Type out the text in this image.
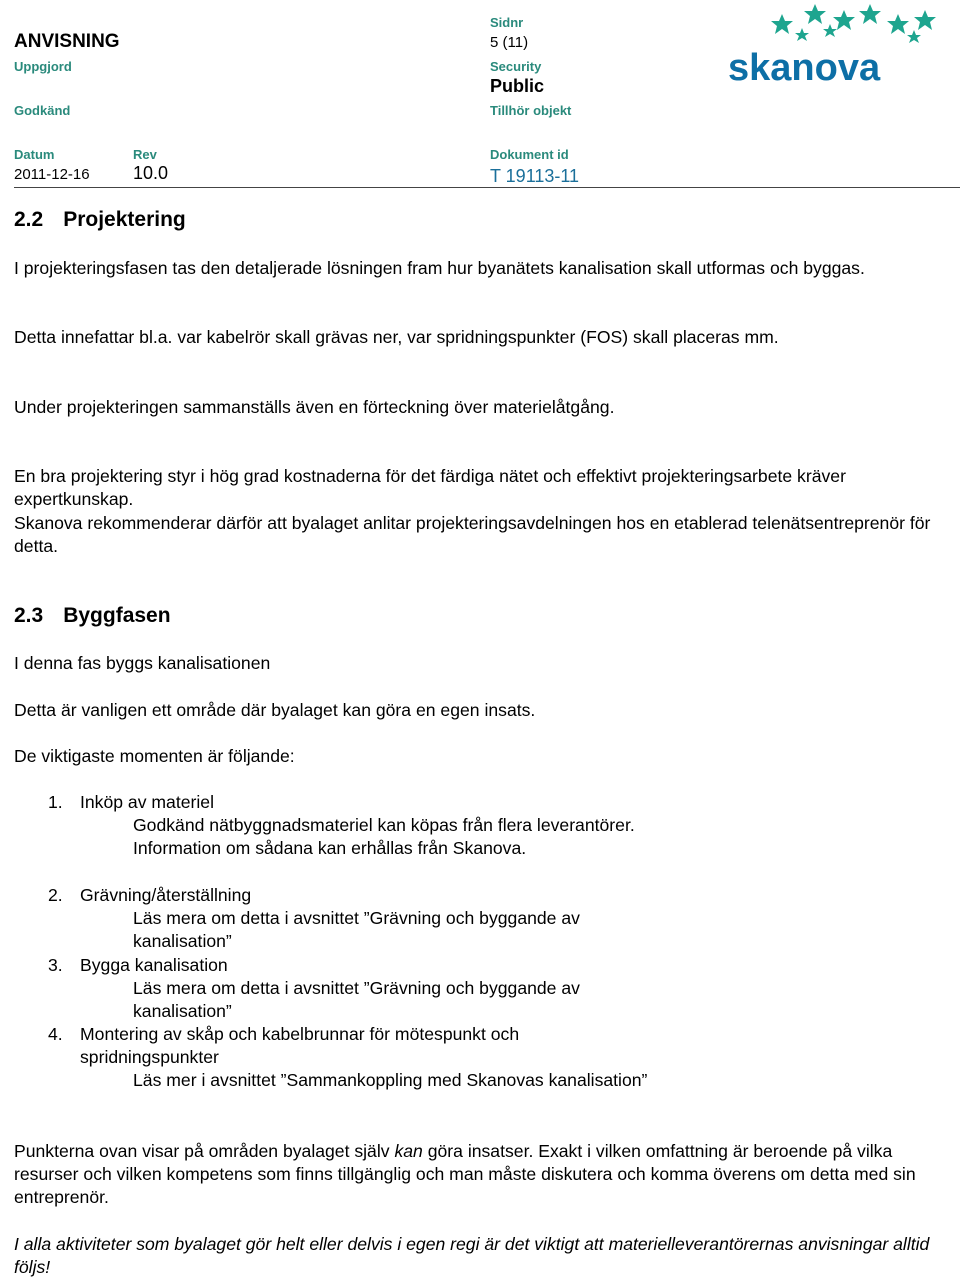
ANVISNING
Uppgjord
Godkänd
Sidnr
5 (11)
Security
Public
Tillhör objekt
Datum
2011-12-16
Rev
10.0
Dokument id
T 19113-11
skanova
2.2 Projektering
I projekteringsfasen tas den detaljerade lösningen fram hur byanätets kanalisation skall utformas och byggas.
Detta innefattar bl.a. var kabelrör skall grävas ner, var spridningspunkter (FOS) skall placeras mm.
Under projekteringen sammanställs även en förteckning över materielåtgång.
En bra projektering styr i hög grad kostnaderna för det färdiga nätet och effektivt projekteringsarbete kräver expertkunskap.
Skanova rekommenderar därför att byalaget anlitar projekteringsavdelningen hos en etablerad telenätsentreprenör för detta.
2.3 Byggfasen
I denna fas byggs kanalisationen
Detta är vanligen ett område där byalaget kan göra en egen insats.
De viktigaste momenten är följande:
1. Inköp av materiel
Godkänd nätbyggnadsmateriel kan köpas från flera leverantörer. Information om sådana kan erhållas från Skanova.
2. Grävning/återställning
Läs mera om detta i avsnittet ”Grävning och byggande av kanalisation”
3. Bygga kanalisation
Läs mera om detta i avsnittet ”Grävning och byggande av kanalisation”
4. Montering av skåp och kabelbrunnar för mötespunkt och spridningspunkter
Läs mer i avsnittet ”Sammankoppling med Skanovas kanalisation”
Punkterna ovan visar på områden byalaget själv kan göra insatser. Exakt i vilken omfattning är beroende på vilka resurser och vilken kompetens som finns tillgänglig och man måste diskutera och komma överens om detta med sin entreprenör.
I alla aktiviteter som byalaget gör helt eller delvis i egen regi är det viktigt att materielleverantörernas anvisningar alltid följs!
